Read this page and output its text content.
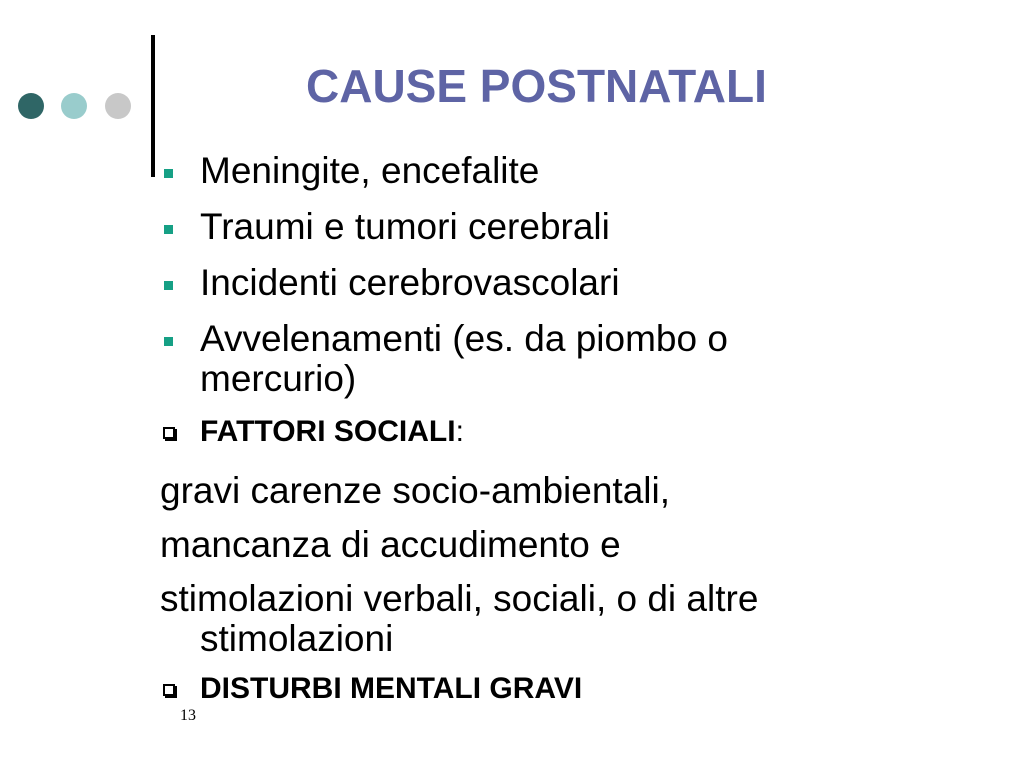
CAUSE POSTNATALI
Meningite, encefalite
Traumi e tumori cerebrali
Incidenti cerebrovascolari
Avvelenamenti (es. da piombo o
mercurio)
FATTORI SOCIALI:
gravi carenze socio-ambientali,
mancanza di accudimento e
stimolazioni verbali, sociali, o di altre
stimolazioni
DISTURBI MENTALI GRAVI
13
